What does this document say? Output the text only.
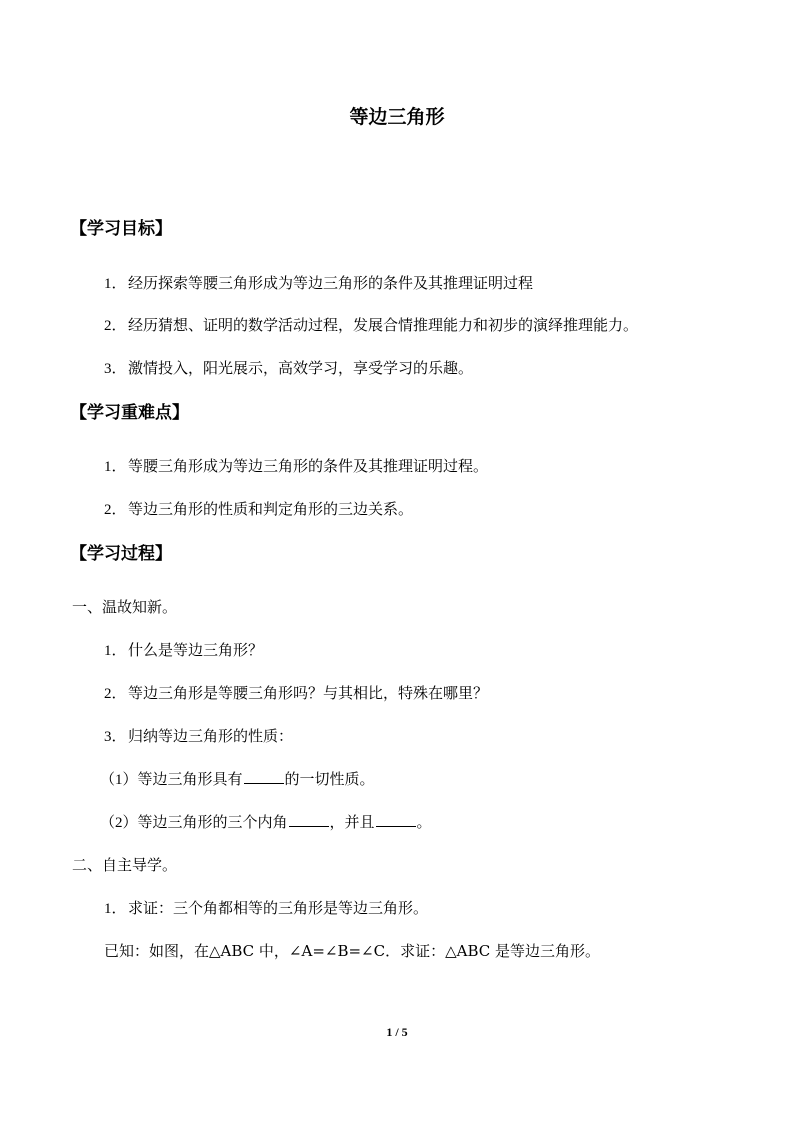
等边三角形
【学习目标】
1．经历探索等腰三角形成为等边三角形的条件及其推理证明过程
2．经历猜想、证明的数学活动过程，发展合情推理能力和初步的演绎推理能力。
3．激情投入，阳光展示，高效学习，享受学习的乐趣。
【学习重难点】
1．等腰三角形成为等边三角形的条件及其推理证明过程。
2．等边三角形的性质和判定角形的三边关系。
【学习过程】
一、温故知新。
1．什么是等边三角形？
2．等边三角形是等腰三角形吗？与其相比，特殊在哪里？
3．归纳等边三角形的性质：
（1）等边三角形具有	的一切性质。
（2）等边三角形的三个内角	，并且	。
二、自主导学。
1．求证：三个角都相等的三角形是等边三角形。
已知：如图，在△ABC 中，∠A=∠B=∠C．求证：△ABC 是等边三角形。
1 / 5
